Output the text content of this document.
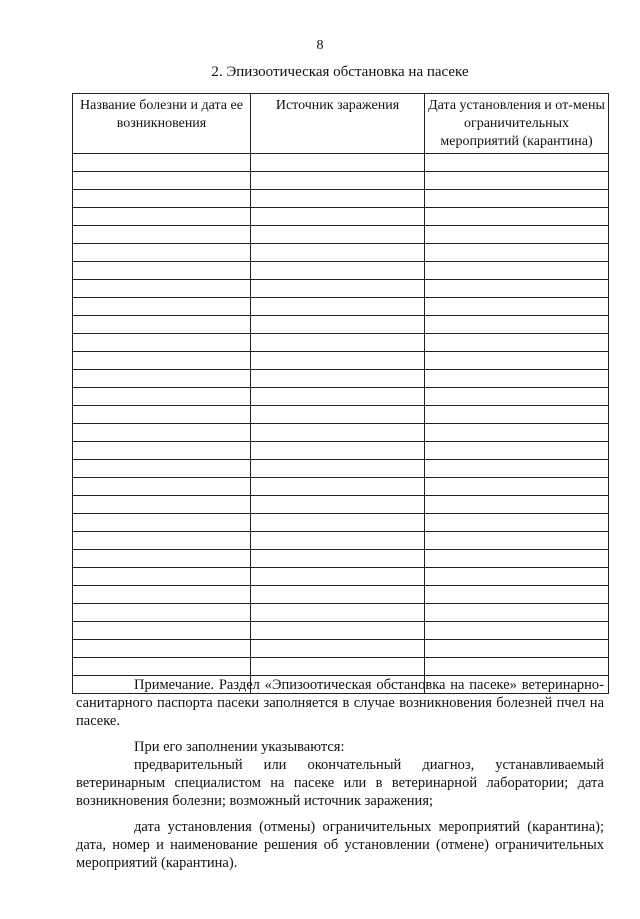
8
2. Эпизоотическая обстановка на пасеке
Название болезни и дата ее возникновения	Источник заражения	Дата установления и от-мены ограничительных мероприятий (карантина)

Примечание. Раздел «Эпизоотическая обстановка на пасеке» ветеринарно-санитарного паспорта пасеки заполняется в случае возникновения болезней пчел на пасеке.

При его заполнении указываются:

предварительный или окончательный диагноз, устанавливаемый ветеринарным специалистом на пасеке или в ветеринарной лаборатории; дата возникновения болезни; возможный источник заражения;

дата установления (отмены) ограничительных мероприятий (карантина); дата, номер и наименование решения об установлении (отмене) ограничительных мероприятий (карантина).
